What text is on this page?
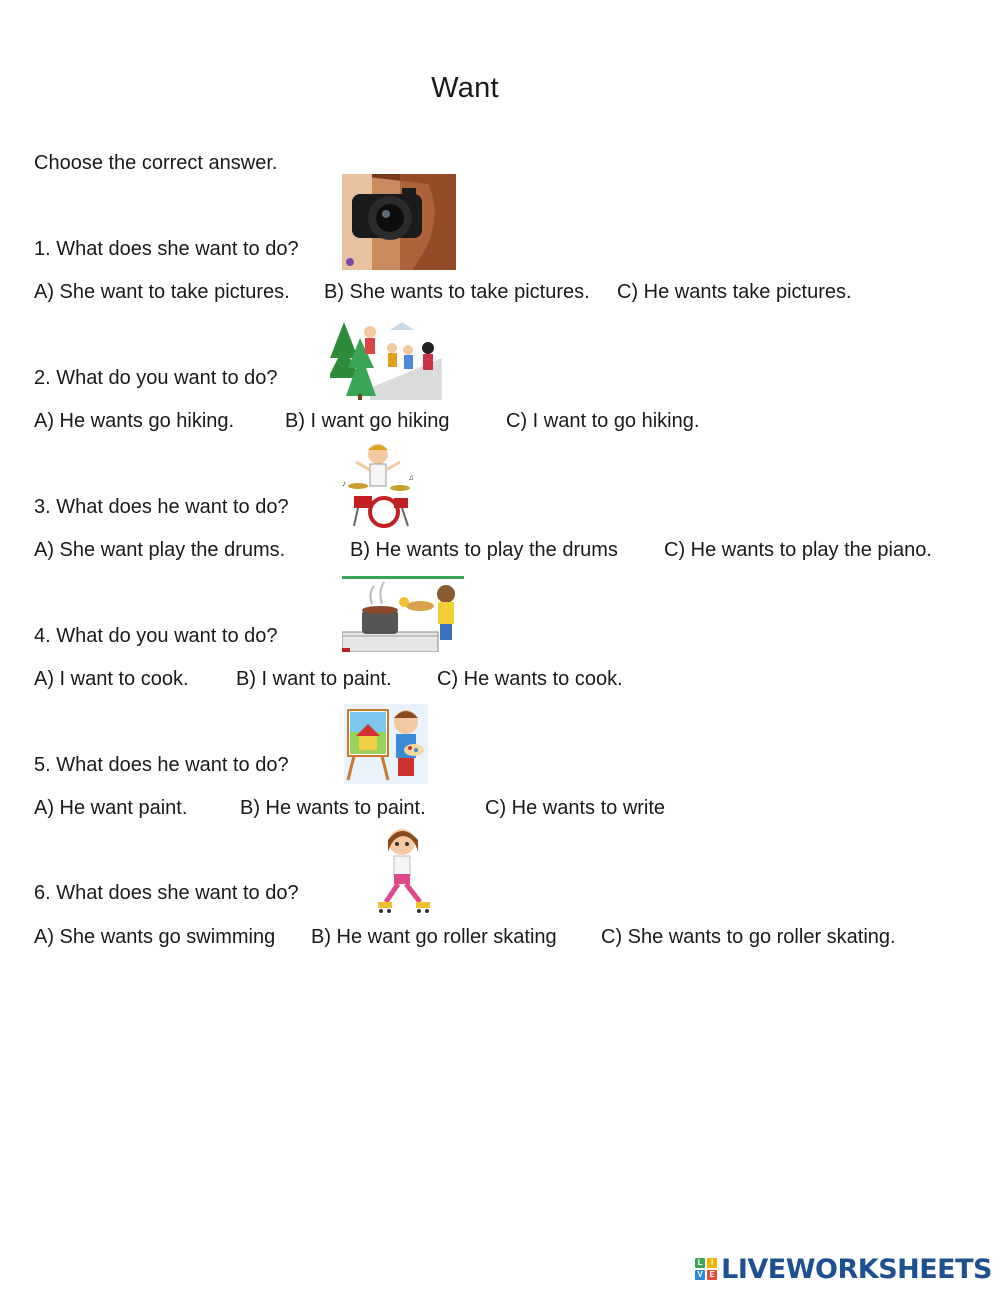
Want
Choose the correct answer.
1. What does she want to do?
A) She want to take pictures. B) She wants to take pictures. C) He wants take pictures.
2. What do you want to do?
A) He wants go hiking.	B) I want go hiking	C) I want to go hiking.
3. What does he want to do?
♪
♫
A) She want play the drums.	B) He wants to play the drums C) He wants to play the piano.
4. What do you want to do?
A) I want to cook. B) I want to paint. C) He wants to cook.
5. What does he want to do?
A) He want paint.	B) He wants to paint.	C) He wants to write
6. What does she want to do?
A) She wants go swimming B) He want go roller skating C) She wants to go roller skating.
L	I
V E LIVEWORKSHEETS
